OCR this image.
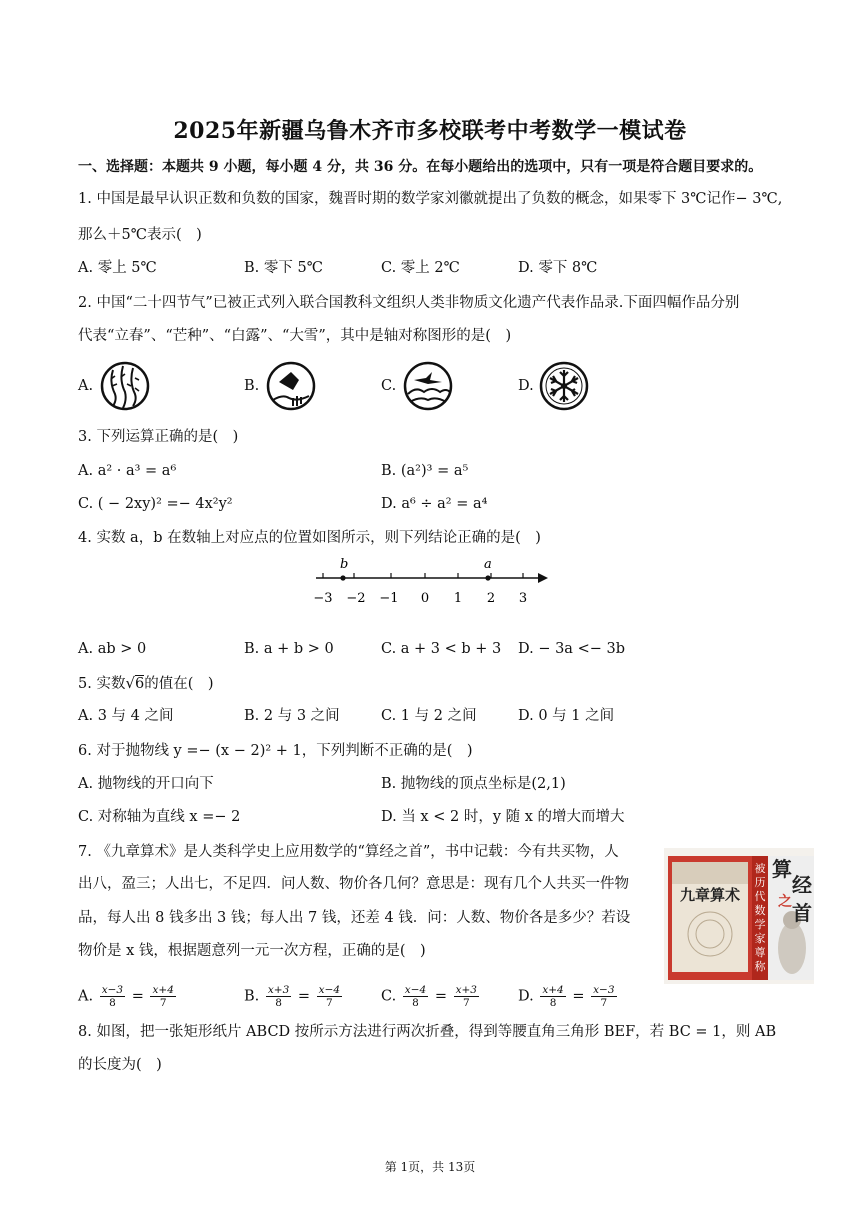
2025年新疆乌鲁木齐市多校联考中考数学一模试卷
一、选择题：本题共 9 小题，每小题 4 分，共 36 分。在每小题给出的选项中，只有一项是符合题目要求的。
1. 中国是最早认识正数和负数的国家，魏晋时期的数学家刘徽就提出了负数的概念，如果零下 3℃记作− 3℃,
那么＋5℃表示(　)
A. 零上 5℃	B. 零下 5℃	C. 零上 2℃	D. 零下 8℃
2. 中国“二十四节气”已被正式列入联合国教科文组织人类非物质文化遗产代表作品录.下面四幅作品分别
代表“立春”、“芒种”、“白露”、“大雪”，其中是轴对称图形的是(　)
A.	B.	C.	D.
3. 下列运算正确的是(　)
A. a² · a³ = a⁶	B. (a²)³ = a⁵
C. ( − 2xy)² =− 4x²y²	D. a⁶ ÷ a² = a⁴
4. 实数 a，b 在数轴上对应点的位置如图所示，则下列结论正确的是(　)
b	a
−3 −2 −1 0 1 2 3
A. ab > 0	B. a + b > 0	C. a + 3 < b + 3 D. − 3a <− 3b
5. 实数√6的值在(　)
A. 3 与 4 之间	B. 2 与 3 之间	C. 1 与 2 之间	D. 0 与 1 之间
6. 对于抛物线 y =− (x − 2)² + 1，下列判断不正确的是(　)
A. 抛物线的开口向下	B. 抛物线的顶点坐标是(2,1)
C. 对称轴为直线 x =− 2	D. 当 x < 2 时，y 随 x 的增大而增大
7. 《九章算术》是人类科学史上应用数学的“算经之首”，书中记载：今有共买物，人
出八，盈三；人出七，不足四．问人数、物价各几何？意思是：现有几个人共买一件物
品，每人出 8 钱多出 3 钱；每人出 7 钱，还差 4 钱．问：人数、物价各是多少？若设
物价是 x 钱，根据题意列一元一次方程，正确的是(　)
A. $\frac{x-3}{8} = \frac{x+4}{7}$	B. $\frac{x+3}{8} = \frac{x-4}{7}$	C. $\frac{x-4}{8} = \frac{x+3}{7}$	D. $\frac{x+4}{8} = \frac{x-3}{7}$
九章算术
被
历
代
数
学
家
尊
称
算
经
之 首
8. 如图，把一张矩形纸片 ABCD 按所示方法进行两次折叠，得到等腰直角三角形 BEF，若 BC = 1，则 AB
的长度为(　)
第 1页，共 13页
